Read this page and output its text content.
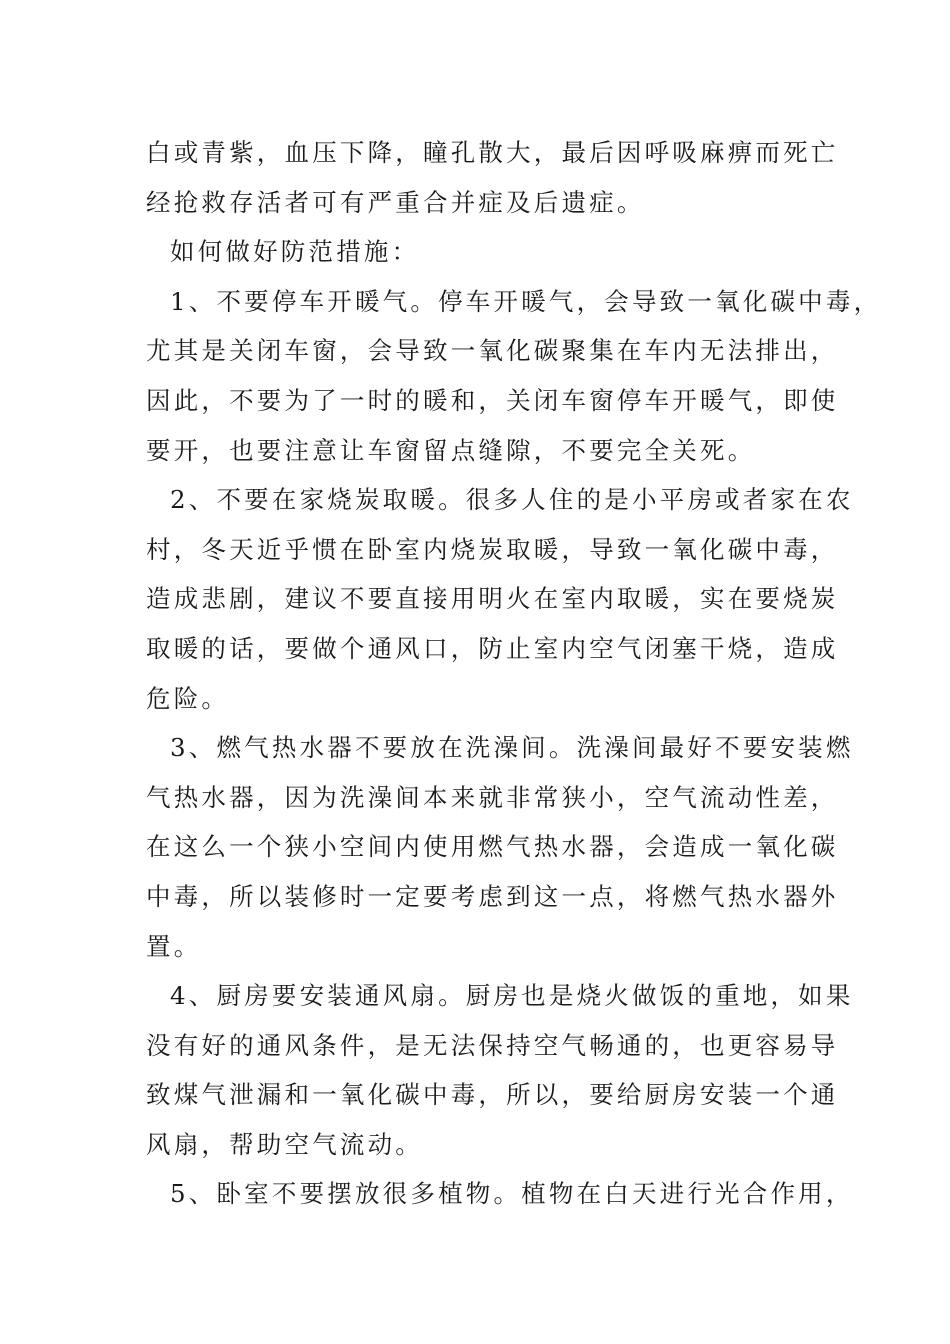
白或青紫，血压下降，瞳孔散大，最后因呼吸麻痹而死亡
经抢救存活者可有严重合并症及后遗症。
如何做好防范措施：
1、不要停车开暖气。停车开暖气，会导致一氧化碳中毒，
尤其是关闭车窗，会导致一氧化碳聚集在车内无法排出，
因此，不要为了一时的暖和，关闭车窗停车开暖气，即使
要开，也要注意让车窗留点缝隙，不要完全关死。
2、不要在家烧炭取暖。很多人住的是小平房或者家在农
村，冬天近乎惯在卧室内烧炭取暖，导致一氧化碳中毒，
造成悲剧，建议不要直接用明火在室内取暖，实在要烧炭
取暖的话，要做个通风口，防止室内空气闭塞干烧，造成
危险。
3、燃气热水器不要放在洗澡间。洗澡间最好不要安装燃
气热水器，因为洗澡间本来就非常狭小，空气流动性差，
在这么一个狭小空间内使用燃气热水器，会造成一氧化碳
中毒，所以装修时一定要考虑到这一点，将燃气热水器外
置。
4、厨房要安装通风扇。厨房也是烧火做饭的重地，如果
没有好的通风条件，是无法保持空气畅通的，也更容易导
致煤气泄漏和一氧化碳中毒，所以，要给厨房安装一个通
风扇，帮助空气流动。
5、卧室不要摆放很多植物。植物在白天进行光合作用，
